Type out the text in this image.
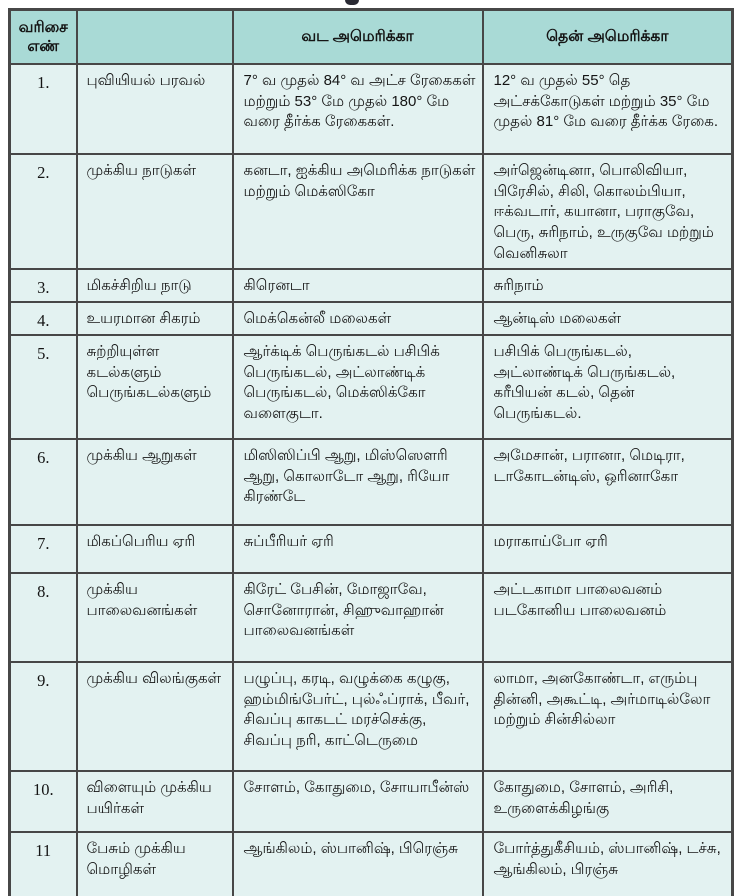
வரிசை எண்		வட அமெரிக்கா	தென் அமெரிக்கா
1.	புவியியல் பரவல்	7° வ முதல் 84° வ அட்ச ரேகைகள் மற்றும் 53° மே முதல் 180° மே வரை தீர்க்க ரேகைகள்.	12° வ முதல் 55° தெ அட்சக்கோடுகள் மற்றும் 35° மே முதல் 81° மே வரை தீர்க்க ரேகை.
2.	முக்கிய நாடுகள்	கனடா, ஐக்கிய அமெரிக்க நாடுகள் மற்றும் மெக்ஸிகோ	அர்ஜென்டினா, பொலிவியா, பிரேசில், சிலி, கொலம்பியா, ஈக்வடார், கயானா, பராகுவே, பெரு, சுரிநாம், உருகுவே மற்றும் வெனிசுலா
3.	மிகச்சிறிய நாடு	கிரெனடா	சுரிநாம்
4.	உயரமான சிகரம்	மெக்கென்லீ மலைகள்	ஆன்டிஸ் மலைகள்
5.	சுற்றியுள்ள கடல்களும் பெருங்கடல்களும்	ஆர்க்டிக் பெருங்கடல் பசிபிக் பெருங்கடல், அட்லாண்டிக் பெருங்கடல், மெக்ஸிக்கோ வளைகுடா.	பசிபிக் பெருங்கடல், அட்லாண்டிக் பெருங்கடல், கரீபியன் கடல், தென் பெருங்கடல்.
6.	முக்கிய ஆறுகள்	மிஸிஸிப்பி ஆறு, மிஸ்ஸௌரி ஆறு, கொலாடோ ஆறு, ரியோ கிரண்டே	அமேசான், பரானா, மெடிரா, டாகோடன்டிஸ், ஒரினாகோ
7.	மிகப்பெரிய ஏரி	சுப்பீரியர் ஏரி	மராகாய்போ ஏரி
8.	முக்கிய பாலைவனங்கள்	கிரேட் பேசின், மோஜாவே, சொனோரான், சிஹுவாஹான் பாலைவனங்கள்	அட்டகாமா பாலைவனம் படகோனிய பாலைவனம்
9.	முக்கிய விலங்குகள்	பழுப்பு, கரடி, வழுக்கை கழுகு, ஹம்மிங்பேர்ட், புல்ஃப்ராக், பீவர், சிவப்பு காகடட் மரச்செக்கு, சிவப்பு நரி, காட்டெருமை	லாமா, அனகோண்டா, எரும்பு தின்னி, அகூட்டி, அர்மாடில்லோ மற்றும் சின்சில்லா
10.	விளையும் முக்கிய பயிர்கள்	சோளம், கோதுமை, சோயாபீன்ஸ்	கோதுமை, சோளம், அரிசி, உருளைக்கிழங்கு
11	பேசும் முக்கிய மொழிகள்	ஆங்கிலம், ஸ்பானிஷ், பிரெஞ்சு	போர்த்துகீசியம், ஸ்பானிஷ், டச்சு, ஆங்கிலம், பிரஞ்சு
